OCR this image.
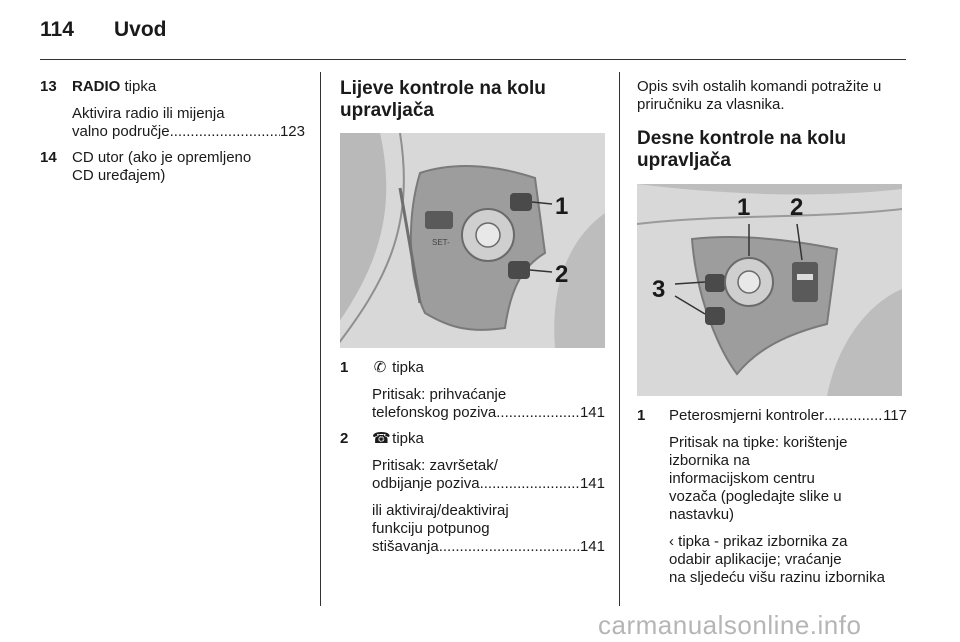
114 Uvod
13 RADIO tipka

Aktivira radio ili mijenja

valno područje .....	123
14 CD utor (ako je opremljeno

CD uređajem)

Lijeve kontrole na kolu
upravljača
SET-
1
2
1 ✆ tipka

Pritisak: prihvaćanje

telefonskog poziva .....	141
2 ☎ tipka

Pritisak: završetak/

odbijanje poziva .....	141

ili aktiviraj/deaktiviraj

funkciju potpunog

stišavanja .....	141

Opis svih ostalih komandi potražite u

priručniku za vlasnika.

Desne kontrole na kolu
upravljača
1 2
3
1 Peterosmjerni kontroler .....	117

Pritisak na tipke: korištenje

izbornika na

informacijskom centru

vozača (pogledajte slike u

nastavku)

‹ tipka - prikaz izbornika za

odabir aplikacije; vraćanje

na sljedeću višu razinu izbornika

carmanualsonline.info
